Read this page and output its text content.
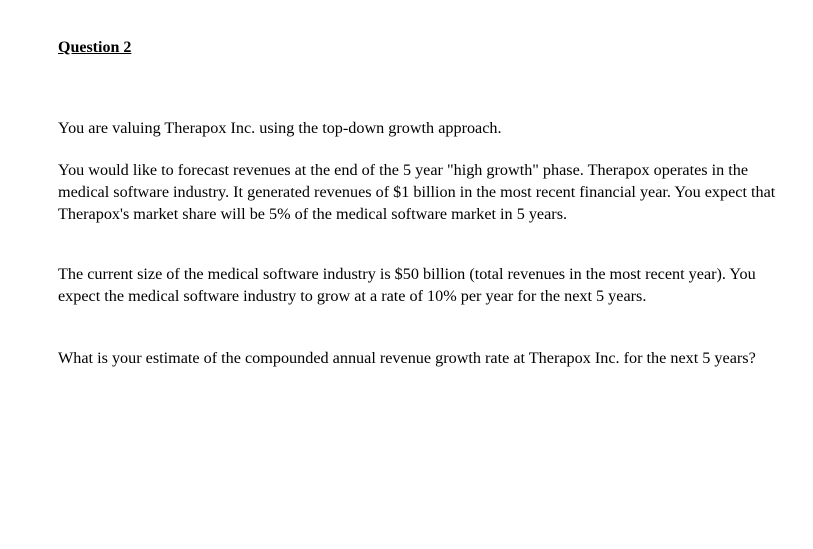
Question 2

You are valuing Therapox Inc. using the top-down growth approach.

You would like to forecast revenues at the end of the 5 year "high growth" phase. Therapox operates in the medical software industry. It generated revenues of $1 billion in the most recent financial year. You expect that Therapox's market share will be 5% of the medical software market in 5 years.

The current size of the medical software industry is $50 billion (total revenues in the most recent year). You expect the medical software industry to grow at a rate of 10% per year for the next 5 years.

What is your estimate of the compounded annual revenue growth rate at Therapox Inc. for the next 5 years?
